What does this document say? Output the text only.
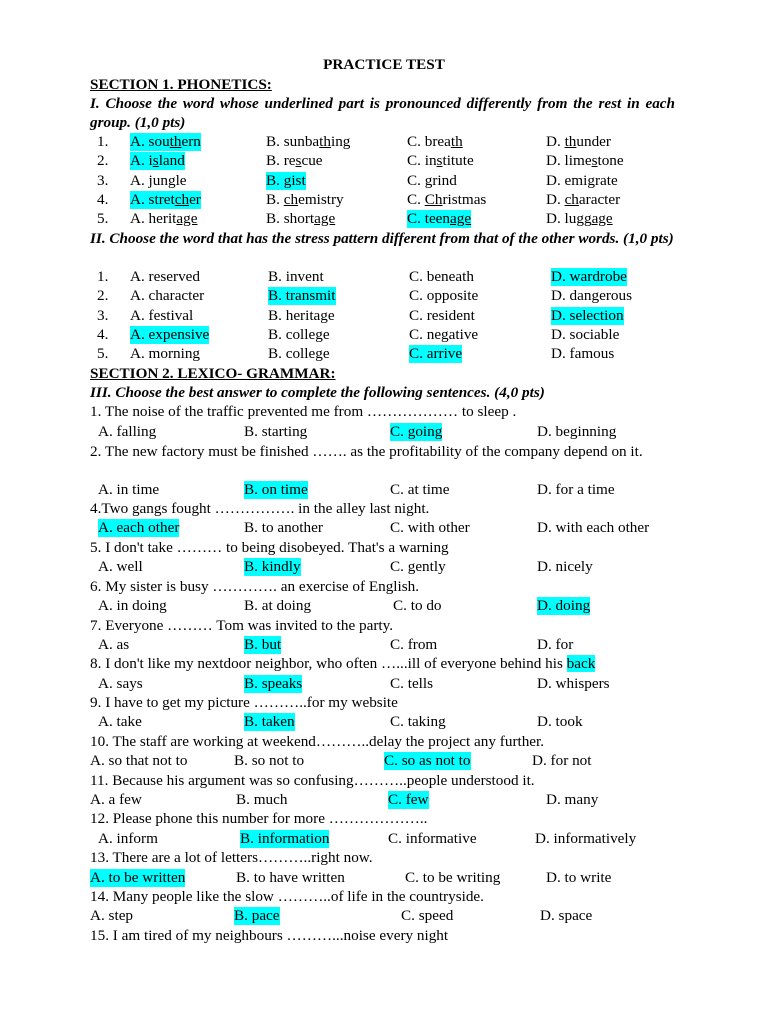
PRACTICE TEST
SECTION 1. PHONETICS:
I. Choose the word whose underlined part is pronounced differently from the rest in each group. (1,0 pts)
1. A. southern	B. sunbathing	C. breath	D. thunder
2. A. island	B. rescue	C. institute	D. limestone
3. A. jungle	B. gist	C. grind	D. emigrate
4. A. stretcher	B. chemistry	C. Christmas	D. character
5. A. heritage	B. shortage	C. teenage	D. luggage
II. Choose the word that has the stress pattern different from that of the other words. (1,0 pts)
1. A. reserved	B. invent	C. beneath	D. wardrobe
2. A. character	B. transmit	C. opposite	D. dangerous
3. A. festival	B. heritage	C. resident	D. selection
4. A. expensive	B. college	C. negative	D. sociable
5. A. morning	B. college	C. arrive	D. famous
SECTION 2. LEXICO- GRAMMAR:
III. Choose the best answer to complete the following sentences. (4,0 pts)
1. The noise of the traffic prevented me from ……………… to sleep .
A. falling	B. starting	C. going	D. beginning
2. The new factory must be finished ……. as the profitability of the company depend on it.
A. in time	B. on time	C. at time	D. for a time
4.Two gangs fought ……………. in the alley last night.
A. each other	B. to another	C. with other	D. with each other
5. I don't take ……… to being disobeyed. That's a warning
A. well	B. kindly	C. gently	D. nicely
6. My sister is busy …………. an exercise of English.
A. in doing	B. at doing	C. to do	D. doing
7. Everyone ……… Tom was invited to the party.
A. as	B. but	C. from	D. for
8. I don't like my nextdoor neighbor, who often …...ill of everyone behind his back
A. says	B. speaks	C. tells	D. whispers
9. I have to get my picture ………..for my website
A. take	B. taken	C. taking	D. took
10. The staff are working at weekend………..delay the project any further.
A. so that not to	B. so not to	C. so as not to	D. for not
11. Because his argument was so confusing………..people understood it.
A. a few	B. much	C. few	D. many
12. Please phone this number for more ………………..
A. inform	B. information	C. informative	D. informatively
13. There are a lot of letters………..right now.
A. to be written	B. to have written	C. to be writing	D. to write
14. Many people like the slow ………..of life in the countryside.
A. step	B. pace	C. speed	D. space
15. I am tired of my neighbours ………...noise every night
